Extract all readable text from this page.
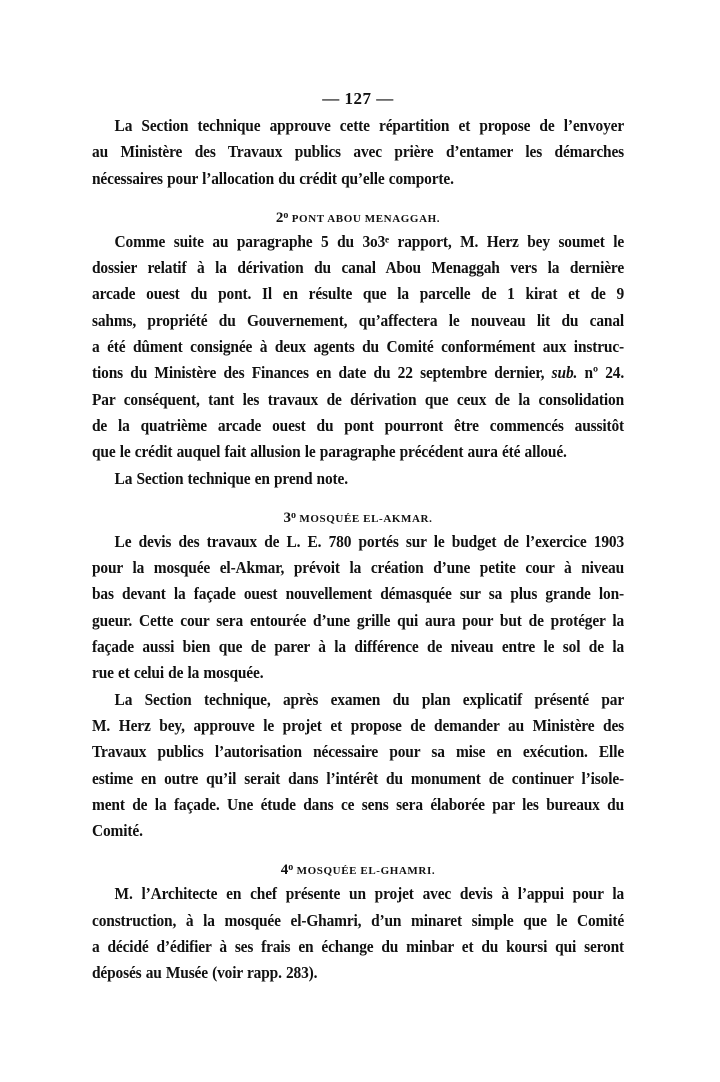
— 127 —

La Section technique approuve cette répartition et propose de l’envoyer
au Ministère des Travaux publics avec prière d’entamer les démarches
nécessaires pour l’allocation du crédit qu’elle comporte.

2$^o$ PONT ABOU MENAGGAH.

Comme suite au paragraphe 5 du 3o3ᵉ rapport, M. Herz bey soumet le
dossier relatif à la dérivation du canal Abou Menaggah vers la dernière
arcade ouest du pont. Il en résulte que la parcelle de 1 kirat et de 9
sahms, propriété du Gouvernement, qu’affectera le nouveau lit du canal
a été dûment consignée à deux agents du Comité conformément aux instruc-
tions du Ministère des Finances en date du 22 septembre dernier, sub. nº 24.
Par conséquent, tant les travaux de dérivation que ceux de la consolidation
de la quatrième arcade ouest du pont pourront être commencés aussitôt
que le crédit auquel fait allusion le paragraphe précédent aura été alloué.

La Section technique en prend note.

3$^o$ MOSQUÉE EL-AKMAR.

Le devis des travaux de L. E. 780 portés sur le budget de l’exercice 1903
pour la mosquée el-Akmar, prévoit la création d’une petite cour à niveau
bas devant la façade ouest nouvellement démasquée sur sa plus grande lon-
gueur. Cette cour sera entourée d’une grille qui aura pour but de protéger la
façade aussi bien que de parer à la différence de niveau entre le sol de la
rue et celui de la mosquée.

La Section technique, après examen du plan explicatif présenté par
M. Herz bey, approuve le projet et propose de demander au Ministère des
Travaux publics l’autorisation nécessaire pour sa mise en exécution. Elle
estime en outre qu’il serait dans l’intérêt du monument de continuer l’isole-
ment de la façade. Une étude dans ce sens sera élaborée par les bureaux du
Comité.

4$^o$ MOSQUÉE EL-GHAMRI.

M. l’Architecte en chef présente un projet avec devis à l’appui pour la
construction, à la mosquée el-Ghamri, d’un minaret simple que le Comité
a décidé d’édifier à ses frais en échange du minbar et du koursi qui seront
déposés au Musée (voir rapp. 283).
